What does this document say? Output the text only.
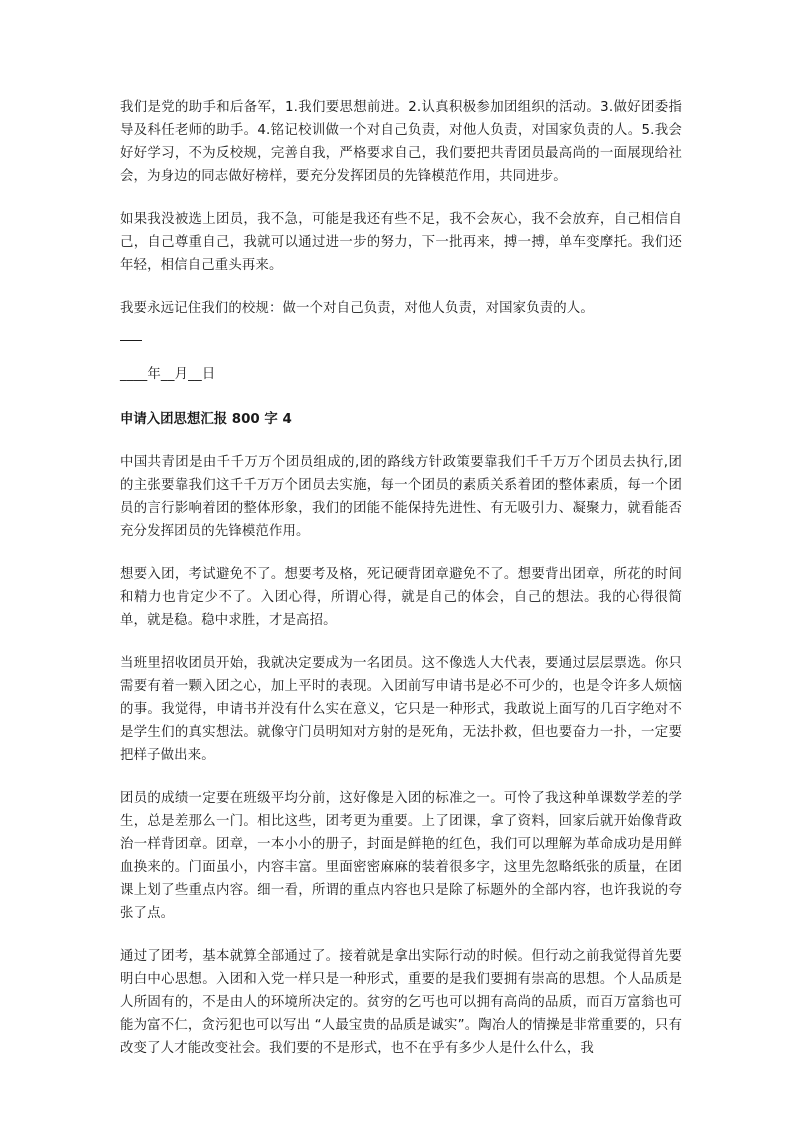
我们是党的助手和后备军，1.我们要思想前进。2.认真积极参加团组织的活动。3.做好团委指导及科任老师的助手。4.铭记校训做一个对自己负责，对他人负责，对国家负责的人。5.我会好好学习，不为反校规，完善自我，严格要求自己，我们要把共青团员最高尚的一面展现给社会，为身边的同志做好榜样，要充分发挥团员的先锋模范作用，共同进步。

如果我没被选上团员，我不急，可能是我还有些不足，我不会灰心，我不会放弃，自己相信自己，自己尊重自己，我就可以通过进一步的努力，下一批再来，搏一搏，单车变摩托。我们还年轻，相信自己重头再来。

我要永远记住我们的校规：做一个对自己负责，对他人负责，对国家负责的人。

____年__月__日

申请入团思想汇报 800 字 4

中国共青团是由千千万万个团员组成的,团的路线方针政策要靠我们千千万万个团员去执行,团的主张要靠我们这千千万万个团员去实施，每一个团员的素质关系着团的整体素质，每一个团员的言行影响着团的整体形象，我们的团能不能保持先进性、有无吸引力、凝聚力，就看能否充分发挥团员的先锋模范作用。

想要入团，考试避免不了。想要考及格，死记硬背团章避免不了。想要背出团章，所花的时间和精力也肯定少不了。入团心得，所谓心得，就是自己的体会，自己的想法。我的心得很简单，就是稳。稳中求胜，才是高招。

当班里招收团员开始，我就决定要成为一名团员。这不像选人大代表，要通过层层票选。你只需要有着一颗入团之心，加上平时的表现。入团前写申请书是必不可少的，也是令许多人烦恼的事。我觉得，申请书并没有什么实在意义，它只是一种形式，我敢说上面写的几百字绝对不是学生们的真实想法。就像守门员明知对方射的是死角，无法扑救，但也要奋力一扑，一定要把样子做出来。

团员的成绩一定要在班级平均分前，这好像是入团的标准之一。可怜了我这种单课数学差的学生，总是差那么一门。相比这些，团考更为重要。上了团课，拿了资料，回家后就开始像背政治一样背团章。团章，一本小小的册子，封面是鲜艳的红色，我们可以理解为革命成功是用鲜血换来的。门面虽小，内容丰富。里面密密麻麻的装着很多字，这里先忽略纸张的质量，在团课上划了些重点内容。细一看，所谓的重点内容也只是除了标题外的全部内容，也许我说的夸张了点。

通过了团考，基本就算全部通过了。接着就是拿出实际行动的时候。但行动之前我觉得首先要明白中心思想。入团和入党一样只是一种形式，重要的是我们要拥有崇高的思想。个人品质是人所固有的，不是由人的环境所决定的。贫穷的乞丐也可以拥有高尚的品质，而百万富翁也可能为富不仁，贪污犯也可以写出 “人最宝贵的品质是诚实”。陶冶人的情操是非常重要的，只有改变了人才能改变社会。我们要的不是形式，也不在乎有多少人是什么什么，我
